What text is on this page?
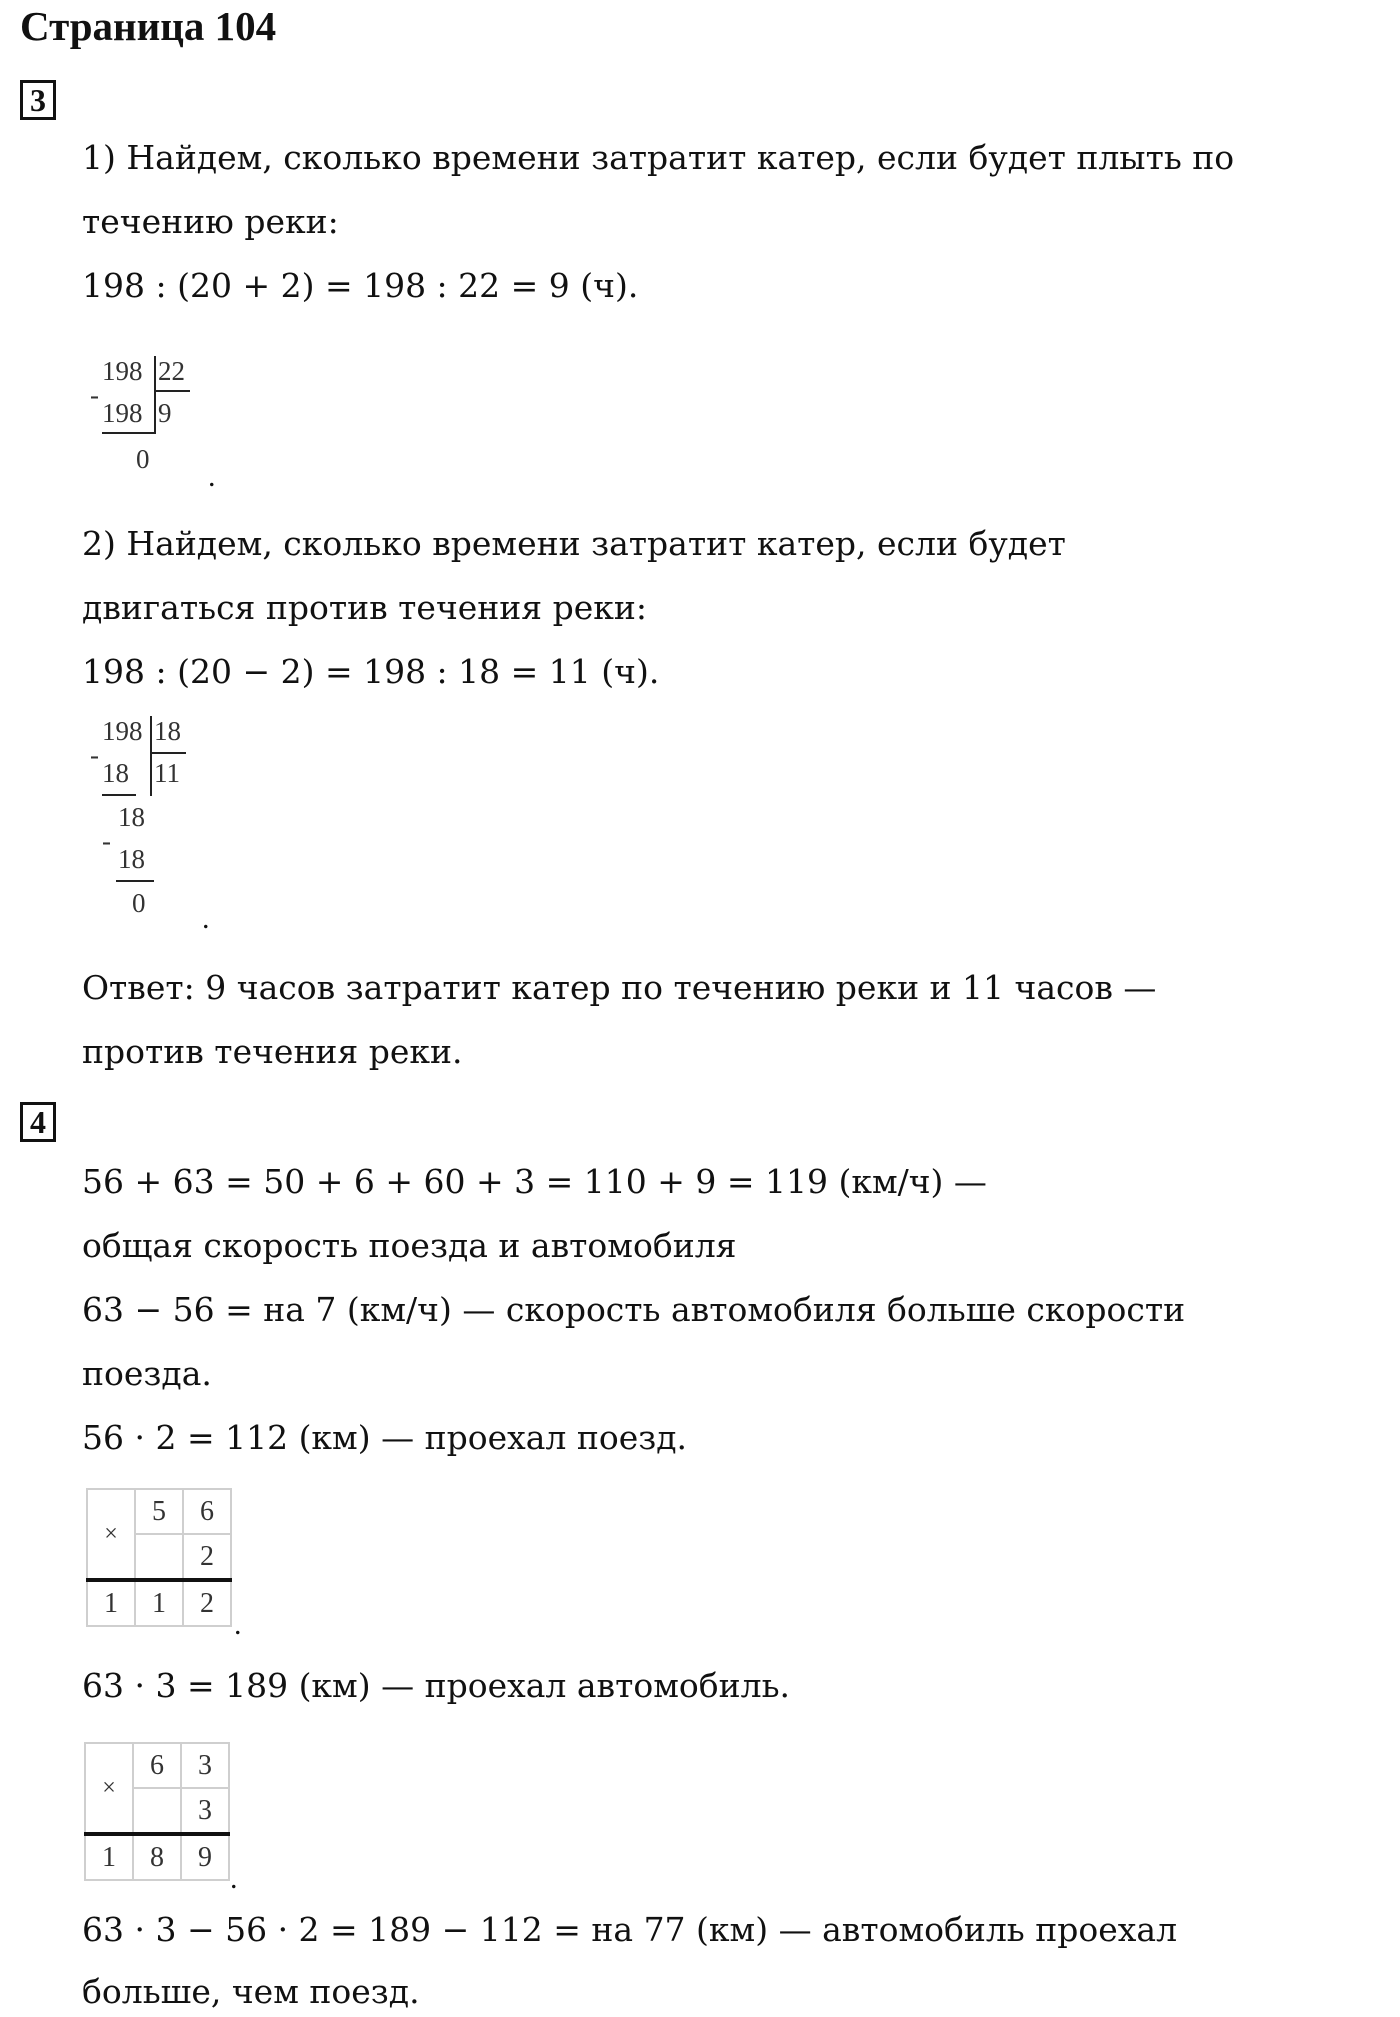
Страница 104
3
1) Найдем, сколько времени затратит катер, если будет плыть по
течению реки:
198 : (20 + 2) = 198 : 22 = 9 (ч).
-
198 22
198 9
0
.
2) Найдем, сколько времени затратит катер, если будет
двигаться против течения реки:
198 : (20 − 2) = 198 : 18 = 11 (ч).
-
198 18
18 11
18
-
18
0 .
Ответ: 9 часов затратит катер по течению реки и 11 часов —
против течения реки.
4
56 + 63 = 50 + 6 + 60 + 3 = 110 + 9 = 119 (км/ч) —
общая скорость поезда и автомобиля
63 − 56 = на 7 (км/ч) — скорость автомобиля больше скорости
поезда.
56 · 2 = 112 (км) — проехал поезд.
×	5	6
		2
1	1	2
.
63 · 3 = 189 (км) — проехал автомобиль.
×	6	3
		3
1	8	9
.
63 · 3 − 56 · 2 = 189 − 112 = на 77 (км) — автомобиль проехал
больше, чем поезд.
